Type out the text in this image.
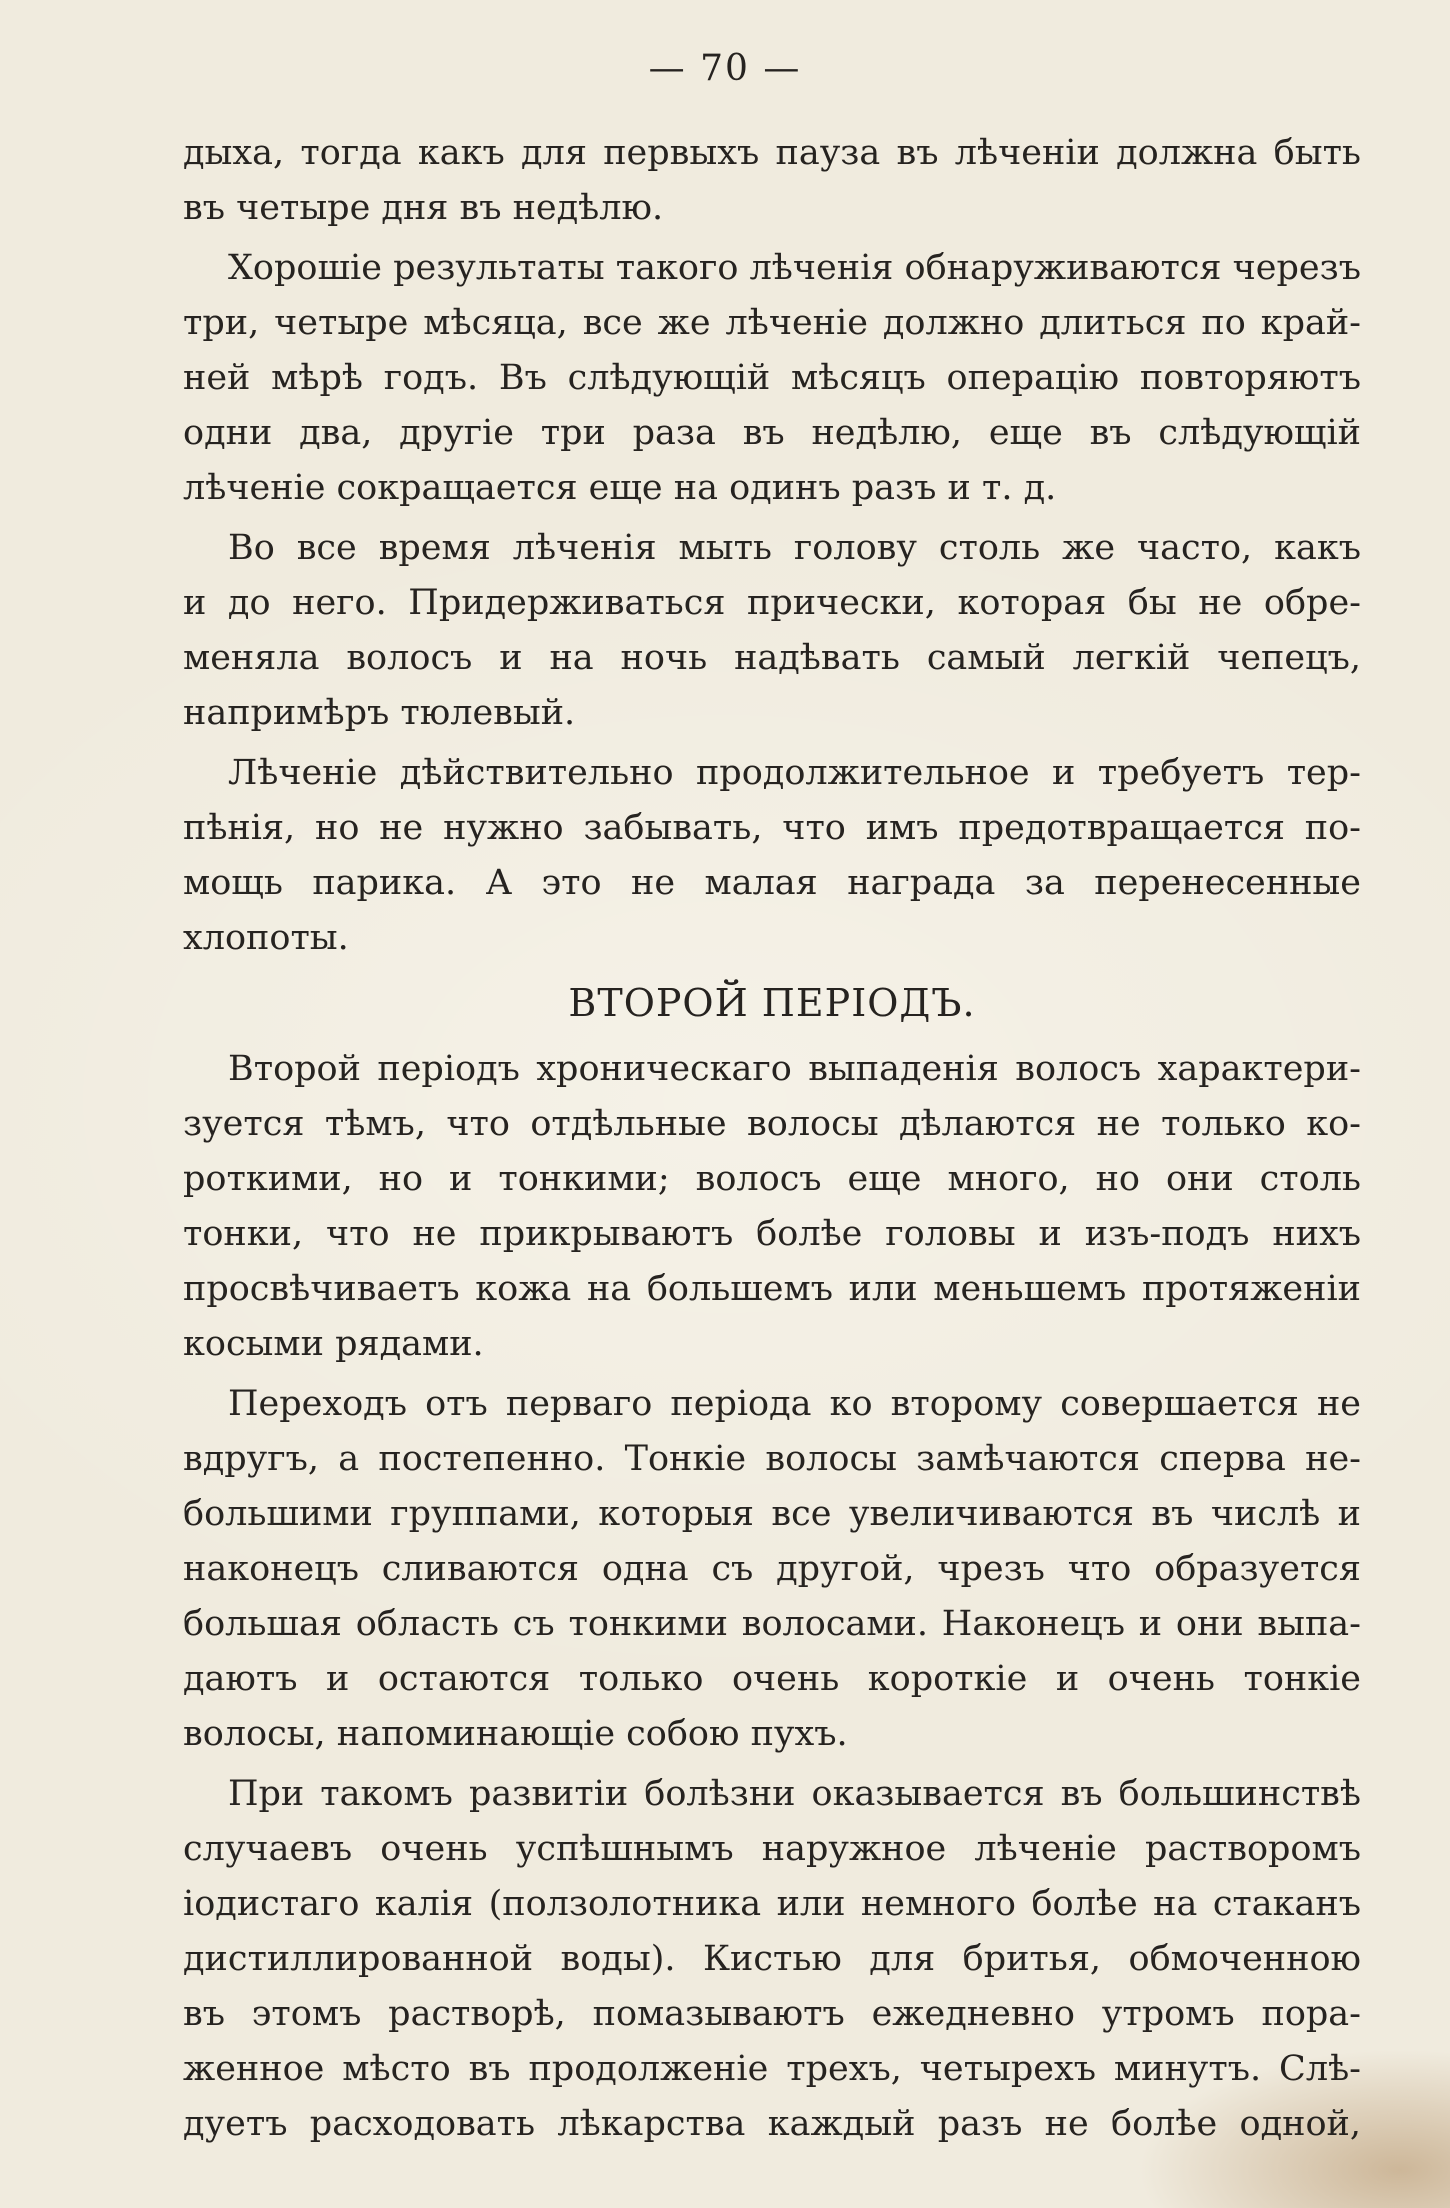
— 70 —
дыха, тогда какъ для первыхъ пауза въ лѣченіи должна быть
въ четыре дня въ недѣлю.
Хорошіе результаты такого лѣченія обнаруживаются черезъ
три, четыре мѣсяца, все же лѣченіе должно длиться по край-
ней мѣрѣ годъ. Въ слѣдующій мѣсяцъ операцію повторяютъ
одни два, другіе три раза въ недѣлю, еще въ слѣдующій
лѣченіе сокращается еще на одинъ разъ и т. д.
Во все время лѣченія мыть голову столь же часто, какъ
и до него. Придерживаться прически, которая бы не обре-
меняла волосъ и на ночь надѣвать самый легкій чепецъ,
напримѣръ тюлевый.
Лѣченіе дѣйствительно продолжительное и требуетъ тер-
пѣнія, но не нужно забывать, что имъ предотвращается по-
мощь парика. А это не малая награда за перенесенные
хлопоты.
ВТОРОЙ ПЕРІОДЪ.
Второй періодъ хроническаго выпаденія волосъ характери-
зуется тѣмъ, что отдѣльные волосы дѣлаются не только ко-
роткими, но и тонкими; волосъ еще много, но они столь
тонки, что не прикрываютъ болѣе головы и изъ-подъ нихъ
просвѣчиваетъ кожа на большемъ или меньшемъ протяженіи
косыми рядами.
Переходъ отъ перваго періода ко второму совершается не
вдругъ, а постепенно. Тонкіе волосы замѣчаются сперва не-
большими группами, которыя все увеличиваются въ числѣ и
наконецъ сливаются одна съ другой, чрезъ что образуется
большая область съ тонкими волосами. Наконецъ и они выпа-
даютъ и остаются только очень короткіе и очень тонкіе
волосы, напоминающіе собою пухъ.
При такомъ развитіи болѣзни оказывается въ большинствѣ
случаевъ очень успѣшнымъ наружное лѣченіе растворомъ
іодистаго калія (ползолотника или немного болѣе на стаканъ
дистиллированной воды). Кистью для бритья, обмоченною
въ этомъ растворѣ, помазываютъ ежедневно утромъ пора-
женное мѣсто въ продолженіе трехъ, четырехъ минутъ. Слѣ-
дуетъ расходовать лѣкарства каждый разъ не болѣе одной,
